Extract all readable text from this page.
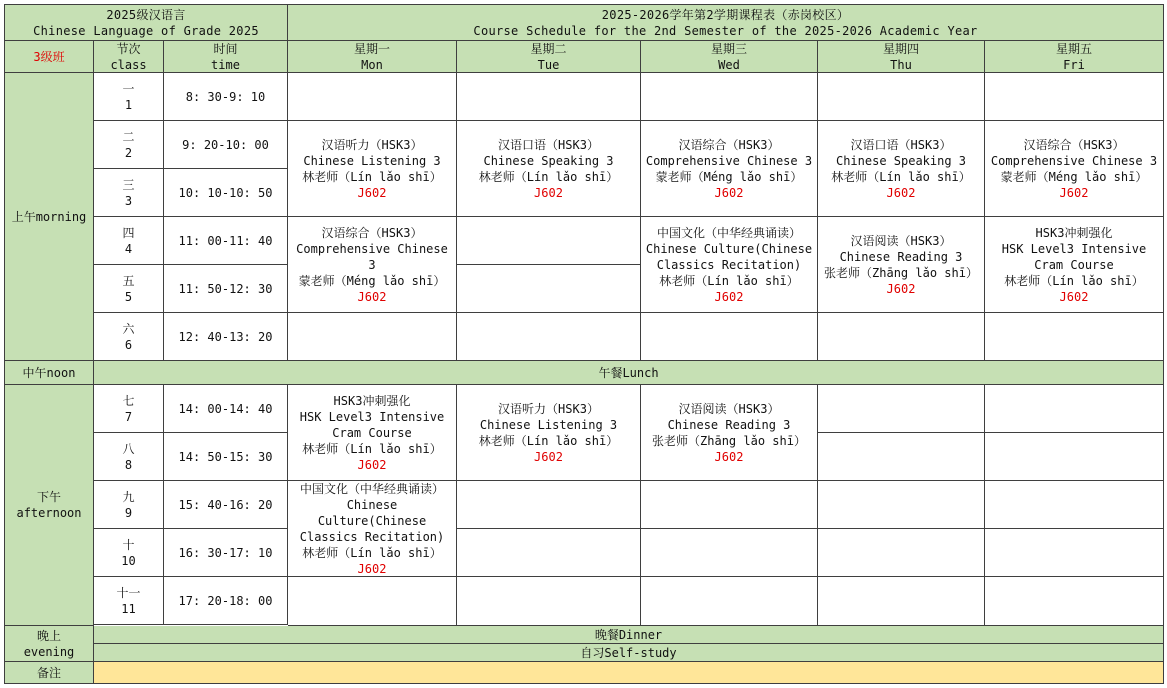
2025级汉语言
Chinese Language of Grade 2025
2025-2026学年第2学期课程表（赤岗校区）
Course Schedule for the 2nd Semester of the 2025-2026 Academic Year
3级班
节次
class
时间
time
星期一
Mon
星期二
Tue
星期三
Wed
星期四
Thu
星期五
Fri
上午morning
中午noon
下午
afternoon
晚上
evening
备注
一
1
8: 30-9: 10
二
2
9: 20-10: 00
三
3
10: 10-10: 50
四
4
11: 00-11: 40
五
5
11: 50-12: 30
六
6
12: 40-13: 20
七
7
14: 00-14: 40
八
8
14: 50-15: 30
九
9
15: 40-16: 20
十
10
16: 30-17: 10
十一
11
17: 20-18: 00
午餐Lunch
晚餐Dinner
自习Self-study
汉语听力（HSK3）
Chinese Listening 3
林老师（Lín lǎo shī）
J602
汉语综合（HSK3）
Comprehensive Chinese 3
蒙老师（Méng lǎo shī）
J602
HSK3冲刺强化
HSK Level3 Intensive
Cram Course
林老师（Lín lǎo shī）
J602
中国文化（中华经典诵读）
Chinese Culture(Chinese
Classics Recitation)
林老师（Lín lǎo shī）
J602
汉语口语（HSK3）
Chinese Speaking 3
林老师（Lín lǎo shī）
J602
汉语听力（HSK3）
Chinese Listening 3
林老师（Lín lǎo shī）
J602
汉语综合（HSK3）
Comprehensive Chinese 3
蒙老师（Méng lǎo shī）
J602
中国文化（中华经典诵读）
Chinese Culture(Chinese
Classics Recitation)
林老师（Lín lǎo shī）
J602
汉语阅读（HSK3）
Chinese Reading 3
张老师（Zhāng lǎo shī）
J602
汉语口语（HSK3）
Chinese Speaking 3
林老师（Lín lǎo shī）
J602
汉语阅读（HSK3）
Chinese Reading 3
张老师（Zhāng lǎo shī）
J602
汉语综合（HSK3）
Comprehensive Chinese 3
蒙老师（Méng lǎo shī）
J602
HSK3冲刺强化
HSK Level3 Intensive
Cram Course
林老师（Lín lǎo shī）
J602
